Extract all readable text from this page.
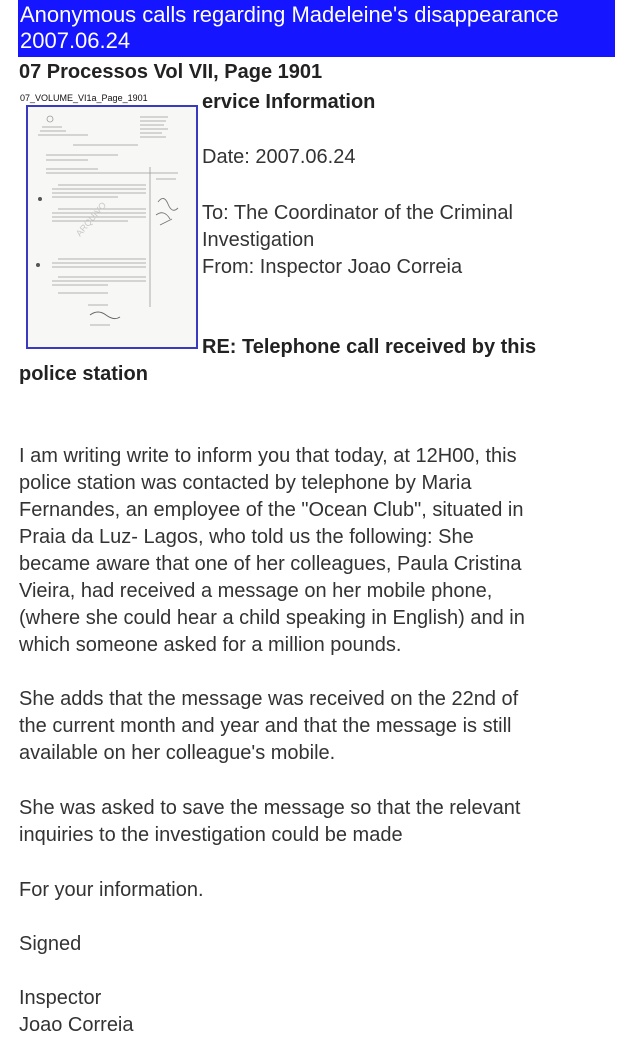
Anonymous calls regarding Madeleine's disappearance
2007.06.24
07 Processos Vol VII, Page 1901
07_VOLUME_VI1a_Page_1901
ARQUIVO
ervice Information
Date: 2007.06.24
To: The Coordinator of the Criminal
Investigation
From: Inspector Joao Correia
RE: Telephone call received by this
police station
I am writing write to inform you that today, at 12H00, this
police station was contacted by telephone by Maria
Fernandes, an employee of the "Ocean Club", situated in
Praia da Luz- Lagos, who told us the following: She
became aware that one of her colleagues, Paula Cristina
Vieira, had received a message on her mobile phone,
(where she could hear a child speaking in English) and in
which someone asked for a million pounds.
She adds that the message was received on the 22nd of
the current month and year and that the message is still
available on her colleague's mobile.
She was asked to save the message so that the relevant
inquiries to the investigation could be made
For your information.
Signed
Inspector
Joao Correia
